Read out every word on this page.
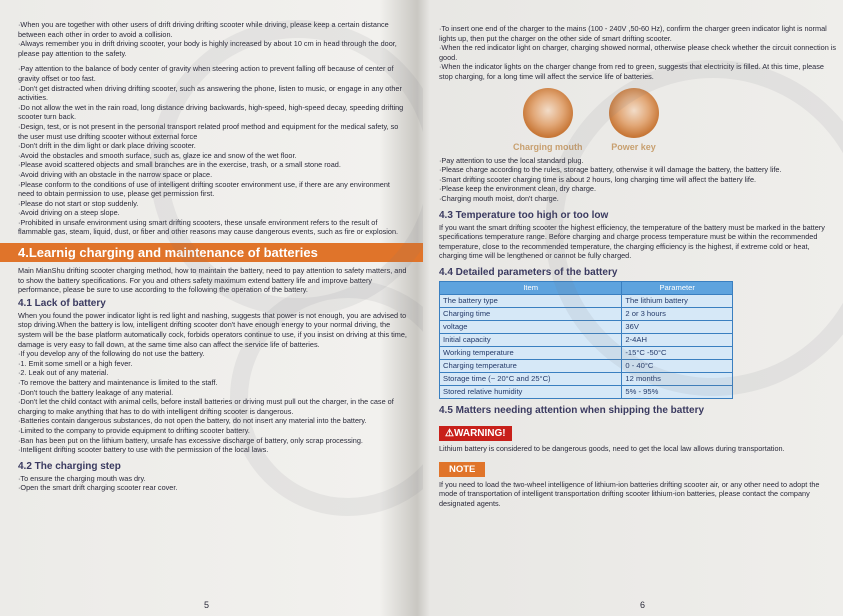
·When you are together with other users of drift driving drifting scooter while driving, please keep a certain distance between each other in order to avoid a collision.

·Always remember you in drift driving scooter, your body is highly increased by about 10 cm in head through the door, please pay attention to the safety.

·Pay attention to the balance of body center of gravity when steering action to prevent falling off because of center of gravity offset or too fast.

·Don't get distracted when driving drifting scooter, such as answering the phone, listen to music, or engage in any other activities.

·Do not allow the wet in the rain road, long distance driving backwards, high-speed, high-speed decay, speeding drifting scooter turn back.

·Design, test, or is not present in the personal transport related proof method and equipment for the medical safety, so the user must use drifting scooter without external force

·Don't drift in the dim light or dark place driving scooter.

·Avoid the obstacles and smooth surface, such as, glaze ice and snow of the wet floor.

·Please avoid scattered objects and small branches are in the exercise, trash, or a small stone road.

·Avoid driving with an obstacle in the narrow space or place.

·Please conform to the conditions of use of intelligent drifting scooter environment use, if there are any environment need to obtain permission to use, please get permission first.

·Please do not start or stop suddenly.

·Avoid driving on a steep slope.

·Prohibited in unsafe environment using smart drifting scooters, these unsafe environment refers to the result of flammable gas, steam, liquid, dust, or fiber and other reasons may cause dangerous events, such as fire or explosion.

4.Learnig charging and maintenance of batteries

Main MianShu drifting scooter charging method, how to maintain the battery, need to pay attention to safety matters, and to show the battery specifications. For you and others safety maximum extend battery life and improve battery performance, please be sure to use according to the following the operation of the battery.

4.1 Lack of battery

When you found the power indicator light is red light and nashing, suggests that power is not enough, you are advised to stop driving.When the battery is low, intelligent drifting scooter don't have enough energy to your normal driving, the system will be the base platform automatically cock, forbids operators continue to use, if you insist on driving at this time, damage is very easy to fall down, at the same time also can affect the service life of batteries.

·If you develop any of the following do not use the battery.

·1. Emit some smell or a high fever.

·2. Leak out of any material.

·To remove the battery and maintenance is limited to the staff.

·Don't touch the battery leakage of any material.

·Don't let the child contact with animal cells, before install batteries or driving must pull out the charger, in the case of charging to make anything that has to do with intelligent drifting scooter is dangerous.

·Batteries contain dangerous substances, do not open the battery, do not insert any material into the battery.

·Limited to the company to provide equipment to drifting scooter battery.

·Ban has been put on the lithium battery, unsafe has excessive discharge of battery, only scrap processing.

·Intelligent drifting scooter battery to use with the permission of the local laws.

4.2 The charging step

·To ensure the charging mouth was dry.

·Open the smart drift charging scooter rear cover.

5

·To insert one end of the charger to the mains (100 - 240V ,50-60 Hz), confirm the charger green indicator light is normal lights up, then put the charger on the other side of smart drifting scooter.

·When the red indicator light on charger, charging showed normal, otherwise please check whether the circuit connection is good.

·When the indicator lights on the charger change from red to green, suggests that electricity is filled. At this time, please stop charging, for a long time will affect the service life of batteries.

Charging mouth	Power key

·Pay attention to use the local standard plug.

·Please charge according to the rules, storage battery, otherwise it will damage the battery, the battery life.

·Smart drifting scooter charging time is about 2 hours, long charging time will affect the battery life.

·Please keep the environment clean, dry charge.

·Charging mouth moist, don't charge.

4.3 Temperature too high or too low

If you want the smart drifting scooter the highest efficiency, the temperature of the battery must be marked in the battery specifications temperature range. Before charging and charge process temperature must be within the recommended temperature, close to the recommended temperature, the charging efficiency is the highest, if extreme cold or heat, charging time will be lengthened or cannot be fully charged.

4.4 Detailed parameters of the battery
Item	Parameter
The battery type	The lithium battery
Charging time	2 or 3 hours
voltage	36V
Initial capacity	2-4AH
Working temperature	-15°C -50°C
Charging temperature	0 - 40°C
Storage time (~ 20°C and 25°C)	12 months
Stored relative humidity	5% - 95%
4.5 Matters needing attention when shipping the battery
⚠WARNING!

Lithium battery is considered to be dangerous goods, need to get the local law allows during transportation.

NOTE

If you need to load the two-wheel intelligence of lithium-ion batteries drifting scooter air, or any other need to adopt the mode of transportation of intelligent transportation drifting scooter lithium-ion batteries, please contact the company designated agents.

6
